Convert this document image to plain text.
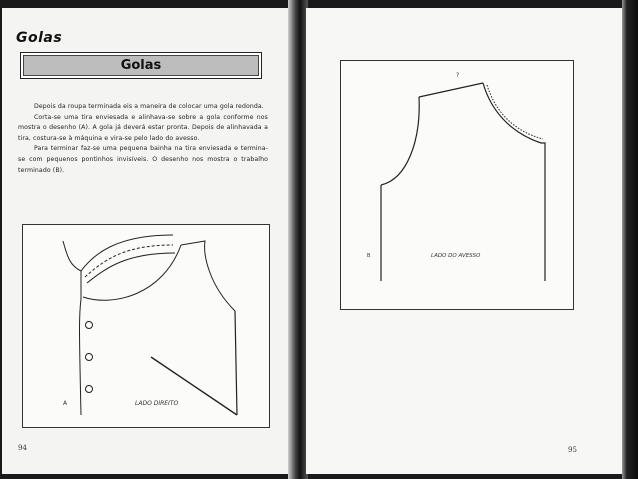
Golas
Golas

Depois da roupa terminada eis a maneira de colocar uma gola redonda.

Corta-se uma tira enviesada e alinhava-se sobre a gola conforme nos mostra o desenho (A). A gola já deverá estar pronta. Depois de alinhavada a tira, costura-se à máquina e vira-se pelo lado do avesso.

Para terminar faz-se uma pequena bainha na tira enviesada e termina-se com pequenos pontinhos invisíveis. O desenho nos mostra o trabalho terminado (B).

A	LADO DIREITO
94
?
B	LADO DO AVESSO
95
